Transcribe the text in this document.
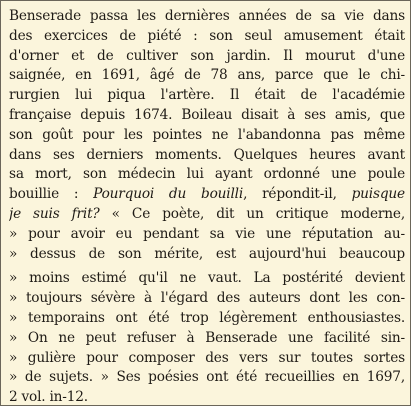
Benserade passa les dernières années de sa vie dans
des exercices de piété : son seul amusement était
d'orner et de cultiver son jardin. Il mourut d'une
saignée, en 1691, âgé de 78 ans, parce que le chi-
rurgien lui piqua l'artère. Il était de l'académie
française depuis 1674. Boileau disait à ses amis, que
son goût pour les pointes ne l'abandonna pas même
dans ses derniers moments. Quelques heures avant
sa mort, son médecin lui ayant ordonné une poule
bouillie : Pourquoi du bouilli, répondit-il, puisque
je suis frit? « Ce poète, dit un critique moderne,
» pour avoir eu pendant sa vie une réputation au-
» dessus de son mérite, est aujourd'hui beaucoup
» moins estimé qu'il ne vaut. La postérité devient
» toujours sévère à l'égard des auteurs dont les con-
» temporains ont été trop légèrement enthousiastes.
» On ne peut refuser à Benserade une facilité sin-
» gulière pour composer des vers sur toutes sortes
» de sujets. » Ses poésies ont été recueillies en 1697,
2 vol. in-12.
